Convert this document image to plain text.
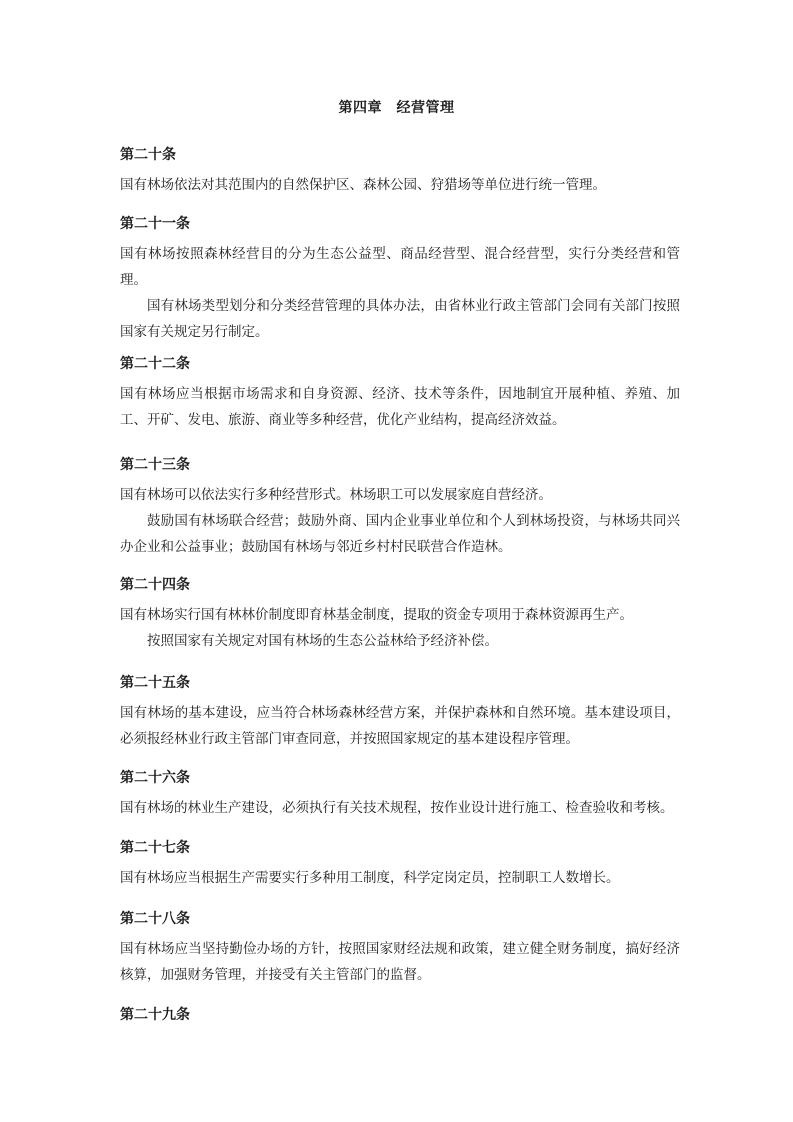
第四章　经营管理
第二十条

国有林场依法对其范围内的自然保护区、森林公园、狩猎场等单位进行统一管理。

第二十一条

国有林场按照森林经营目的分为生态公益型、商品经营型、混合经营型，实行分类经营和管理。

国有林场类型划分和分类经营管理的具体办法，由省林业行政主管部门会同有关部门按照国家有关规定另行制定。

第二十二条

国有林场应当根据市场需求和自身资源、经济、技术等条件，因地制宜开展种植、养殖、加工、开矿、发电、旅游、商业等多种经营，优化产业结构，提高经济效益。

第二十三条

国有林场可以依法实行多种经营形式。林场职工可以发展家庭自营经济。

鼓励国有林场联合经营；鼓励外商、国内企业事业单位和个人到林场投资，与林场共同兴办企业和公益事业；鼓励国有林场与邻近乡村村民联营合作造林。

第二十四条

国有林场实行国有林林价制度即育林基金制度，提取的资金专项用于森林资源再生产。

按照国家有关规定对国有林场的生态公益林给予经济补偿。

第二十五条

国有林场的基本建设，应当符合林场森林经营方案，并保护森林和自然环境。基本建设项目，必须报经林业行政主管部门审查同意，并按照国家规定的基本建设程序管理。

第二十六条

国有林场的林业生产建设，必须执行有关技术规程，按作业设计进行施工、检查验收和考核。

第二十七条

国有林场应当根据生产需要实行多种用工制度，科学定岗定员，控制职工人数增长。

第二十八条

国有林场应当坚持勤俭办场的方针，按照国家财经法规和政策，建立健全财务制度，搞好经济核算，加强财务管理，并接受有关主管部门的监督。

第二十九条
